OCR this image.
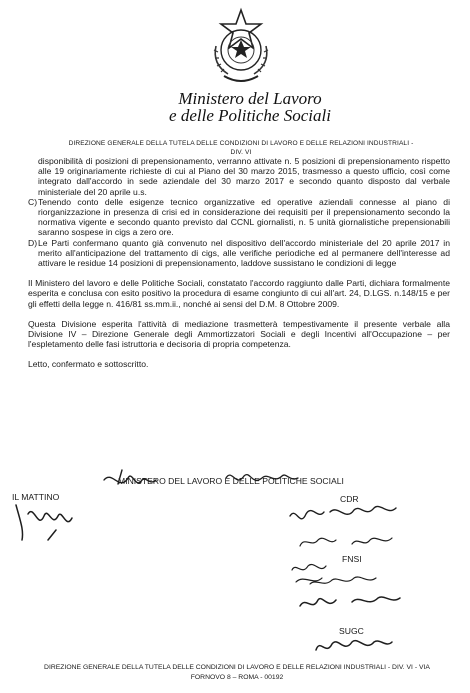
Ministero del Lavoro
e delle Politiche Sociali
DIREZIONE GENERALE DELLA TUTELA DELLE CONDIZIONI DI LAVORO E DELLE RELAZIONI INDUSTRIALI -
DIV. VI

disponibilità di posizioni di prepensionamento, verranno attivate n. 5 posizioni di prepensionamento rispetto alle 19 originariamente richieste di cui al Piano del 30 marzo 2015, trasmesso a questo ufficio, così come integrato dall'accordo in sede aziendale del 30 marzo 2017 e secondo quanto disposto dal verbale ministeriale del 20 aprile u.s.

C) Tenendo conto delle esigenze tecnico organizzative ed operative aziendali connesse al piano di riorganizzazione in presenza di crisi ed in considerazione dei requisiti per il prepensionamento secondo la normativa vigente e secondo quanto previsto dal CCNL giornalisti, n. 5 unità giornalistiche prepensionabili saranno sospese in cigs a zero ore.

D) Le Parti confermano quanto già convenuto nel dispositivo dell'accordo ministeriale del 20 aprile 2017 in merito all'anticipazione del trattamento di cigs, alle verifiche periodiche ed al permanere dell'interesse ad attivare le residue 14 posizioni di prepensionamento, laddove sussistano le condizioni di legge

Il Ministero del lavoro e delle Politiche Sociali, constatato l'accordo raggiunto dalle Parti, dichiara formalmente esperita e conclusa con esito positivo la procedura di esame congiunto di cui all'art. 24, D.LGS. n.148/15 e per gli effetti della legge n. 416/81 ss.mm.ii., nonché ai sensi del D.M. 8 Ottobre 2009.

Questa Divisione esperita l'attività di mediazione trasmetterà tempestivamente il presente verbale alla Divisione IV – Direzione Generale degli Ammortizzatori Sociali e degli Incentivi all'Occupazione – per l'espletamento delle fasi istruttoria e decisoria di propria competenza.

Letto, confermato e sottoscritto.

MINISTERO DEL LAVORO E DELLE POLITICHE SOCIALI
IL MATTINO	CDR
FNSI
SUGC
DIREZIONE GENERALE DELLA TUTELA DELLE CONDIZIONI DI LAVORO E DELLE RELAZIONI INDUSTRIALI - DIV. VI - VIA
FORNOVO 8 – ROMA - 00192
